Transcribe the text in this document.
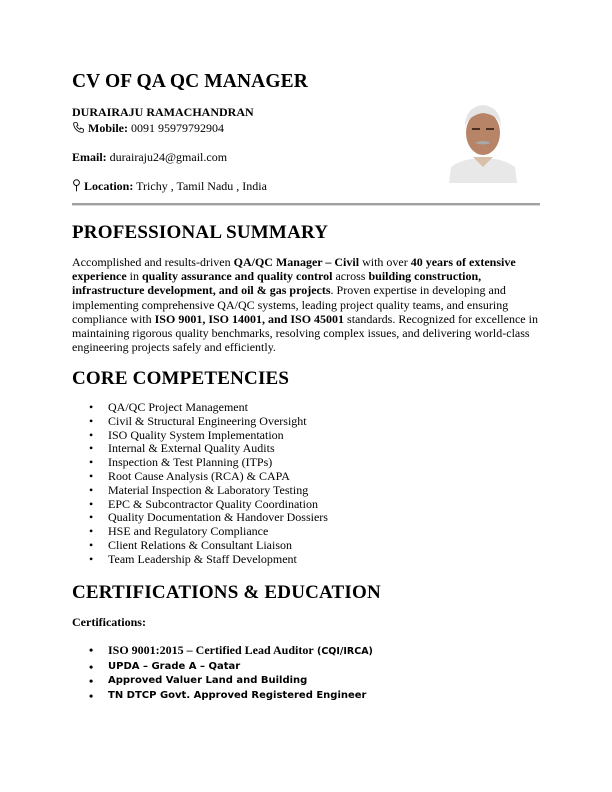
CV OF QA QC MANAGER
DURAIRAJU RAMACHANDRAN
Mobile: 0091 95979792904
Email: durairaju24@gmail.com
Location: Trichy , Tamil Nadu , India
PROFESSIONAL SUMMARY
Accomplished and results-driven QA/QC Manager – Civil with over 40 years of extensive experience in quality assurance and quality control across building construction, infrastructure development, and oil & gas projects. Proven expertise in developing and implementing comprehensive QA/QC systems, leading project quality teams, and ensuring compliance with ISO 9001, ISO 14001, and ISO 45001 standards. Recognized for excellence in maintaining rigorous quality benchmarks, resolving complex issues, and delivering world-class engineering projects safely and efficiently.
CORE COMPETENCIES
• QA/QC Project Management
• Civil & Structural Engineering Oversight
• ISO Quality System Implementation
• Internal & External Quality Audits
• Inspection & Test Planning (ITPs)
• Root Cause Analysis (RCA) & CAPA
• Material Inspection & Laboratory Testing
• EPC & Subcontractor Quality Coordination
• Quality Documentation & Handover Dossiers
• HSE and Regulatory Compliance
• Client Relations & Consultant Liaison
• Team Leadership & Staff Development
CERTIFICATIONS & EDUCATION
Certifications:
• ISO 9001:2015 – Certified Lead Auditor (CQI/IRCA)
• UPDA – Grade A – Qatar
• Approved Valuer Land and Building
• TN DTCP Govt. Approved Registered Engineer
